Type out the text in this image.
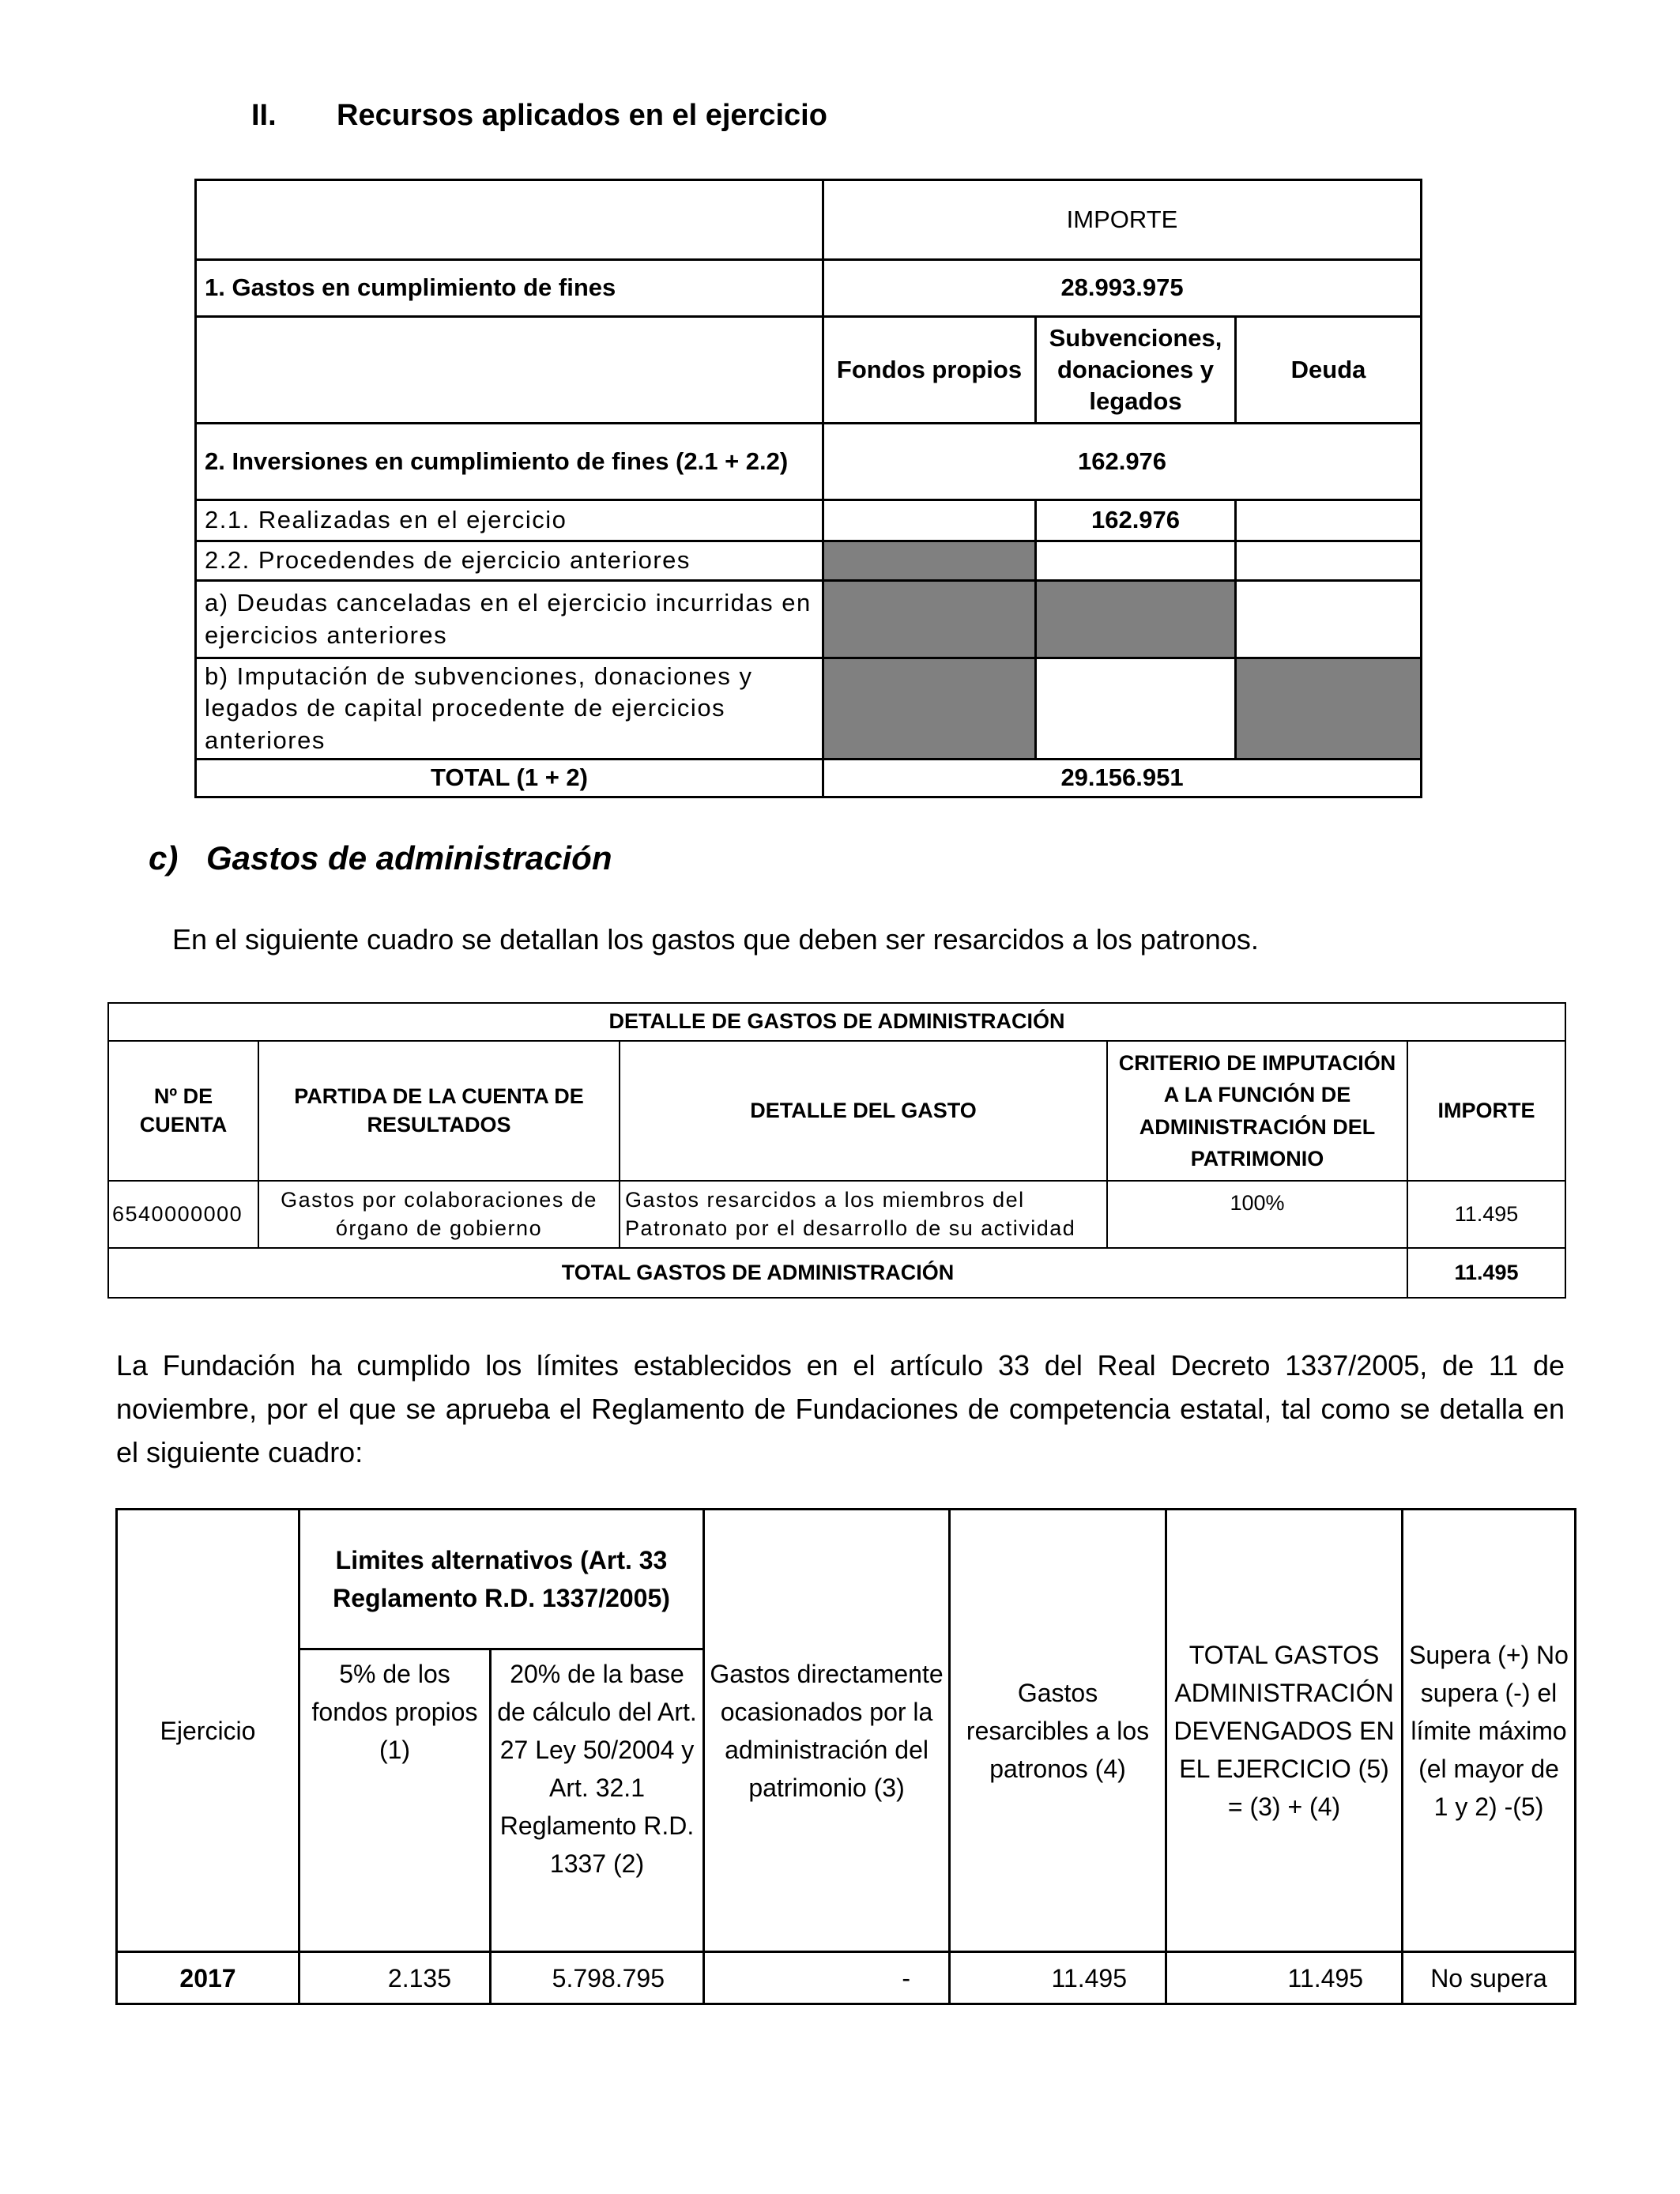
II. Recursos aplicados en el ejercicio
	IMPORTE		
1. Gastos en cumplimiento de fines	28.993.975		
	Fondos propios	Subvenciones, donaciones y legados	Deuda
2. Inversiones en cumplimiento de fines (2.1 + 2.2)	162.976		
2.1. Realizadas en el ejercicio		162.976	
2.2. Procedendes de ejercicio anteriores			
a) Deudas canceladas en el ejercicio incurridas en ejercicios anteriores			
b) Imputación de subvenciones, donaciones y legados de capital procedente de ejercicios anteriores			
TOTAL (1 + 2)	29.156.951		
c) Gastos de administración
En el siguiente cuadro se detallan los gastos que deben ser resarcidos a los patronos.
DETALLE DE GASTOS DE ADMINISTRACIÓN				
Nº DE CUENTA	PARTIDA DE LA CUENTA DE RESULTADOS	DETALLE DEL GASTO	CRITERIO DE IMPUTACIÓN A LA FUNCIÓN DE ADMINISTRACIÓN DEL PATRIMONIO	IMPORTE
6540000000	Gastos por colaboraciones de órgano de gobierno	Gastos resarcidos a los miembros del Patronato por el desarrollo de su actividad	100%	11.495
TOTAL GASTOS DE ADMINISTRACIÓN				11.495
La Fundación ha cumplido los límites establecidos en el artículo 33 del Real Decreto 1337/2005, de 11 de noviembre, por el que se aprueba el Reglamento de Fundaciones de competencia estatal, tal como se detalla en el siguiente cuadro:
Ejercicio	Limites alternativos (Art. 33 Reglamento R.D. 1337/2005)		Gastos directamente ocasionados por la administración del patrimonio (3)	Gastos resarcibles a los patronos (4)	TOTAL GASTOS ADMINISTRACIÓN DEVENGADOS EN EL EJERCICIO (5) = (3) + (4)	Supera (+) No supera (-) el límite máximo (el mayor de 1 y 2) -(5)
	5% de los fondos propios (1)	20% de la base de cálculo del Art. 27 Ley 50/2004 y Art. 32.1 Reglamento R.D. 1337 (2)				
2017	2.135	5.798.795	-	11.495	11.495	No supera
